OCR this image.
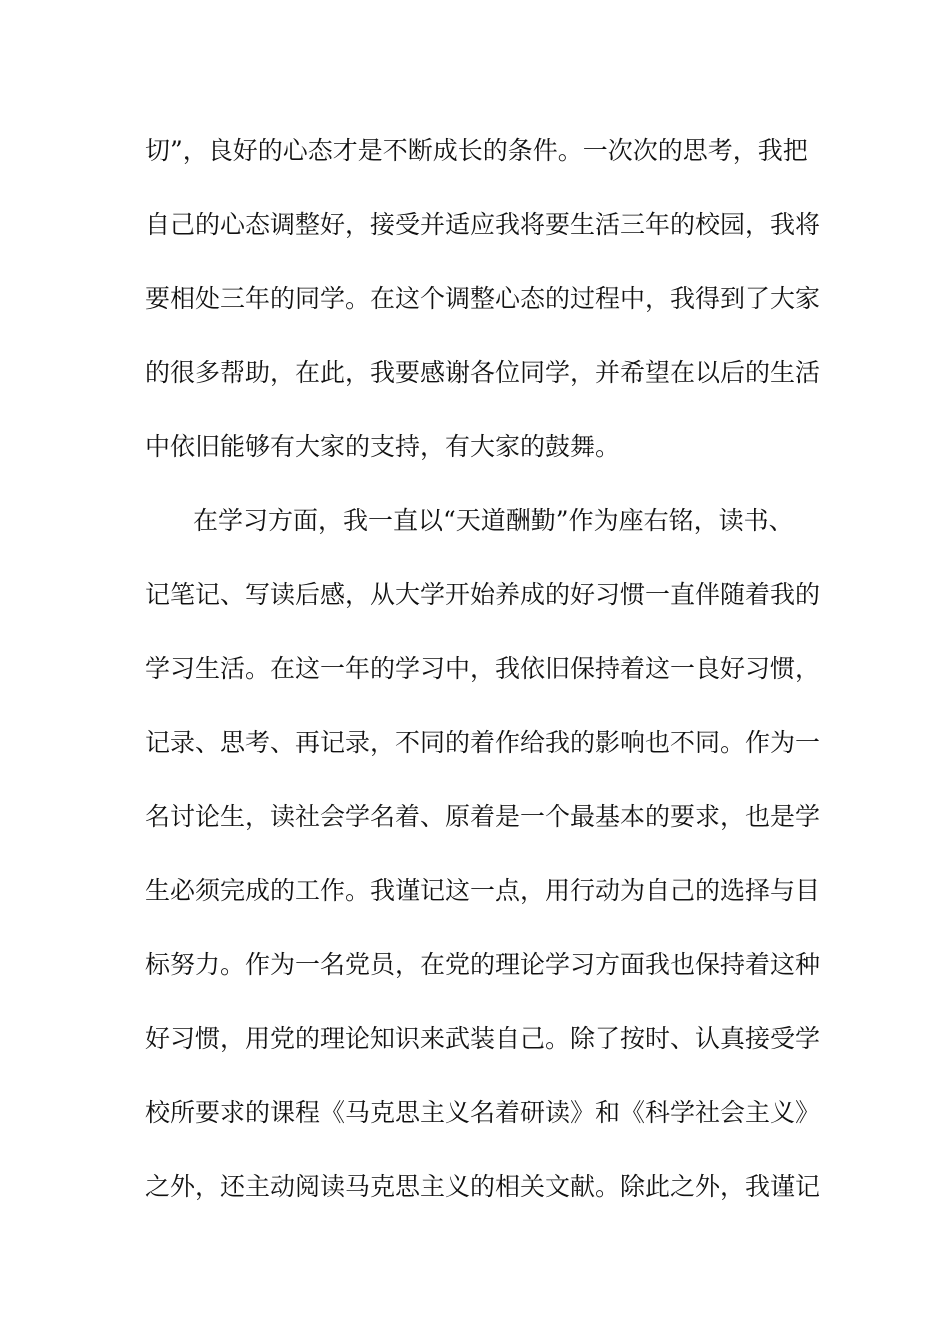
切”，良好的心态才是不断成长的条件。一次次的思考，我把
自己的心态调整好，接受并适应我将要生活三年的校园，我将
要相处三年的同学。在这个调整心态的过程中，我得到了大家
的很多帮助，在此，我要感谢各位同学，并希望在以后的生活
中依旧能够有大家的支持，有大家的鼓舞。
在学习方面，我一直以“天道酬勤”作为座右铭，读书、
记笔记、写读后感，从大学开始养成的好习惯一直伴随着我的
学习生活。在这一年的学习中，我依旧保持着这一良好习惯，
记录、思考、再记录，不同的着作给我的影响也不同。作为一
名讨论生，读社会学名着、原着是一个最基本的要求，也是学
生必须完成的工作。我谨记这一点，用行动为自己的选择与目
标努力。作为一名党员，在党的理论学习方面我也保持着这种
好习惯，用党的理论知识来武装自己。除了按时、认真接受学
校所要求的课程《马克思主义名着研读》和《科学社会主义》
之外，还主动阅读马克思主义的相关文献。除此之外，我谨记
